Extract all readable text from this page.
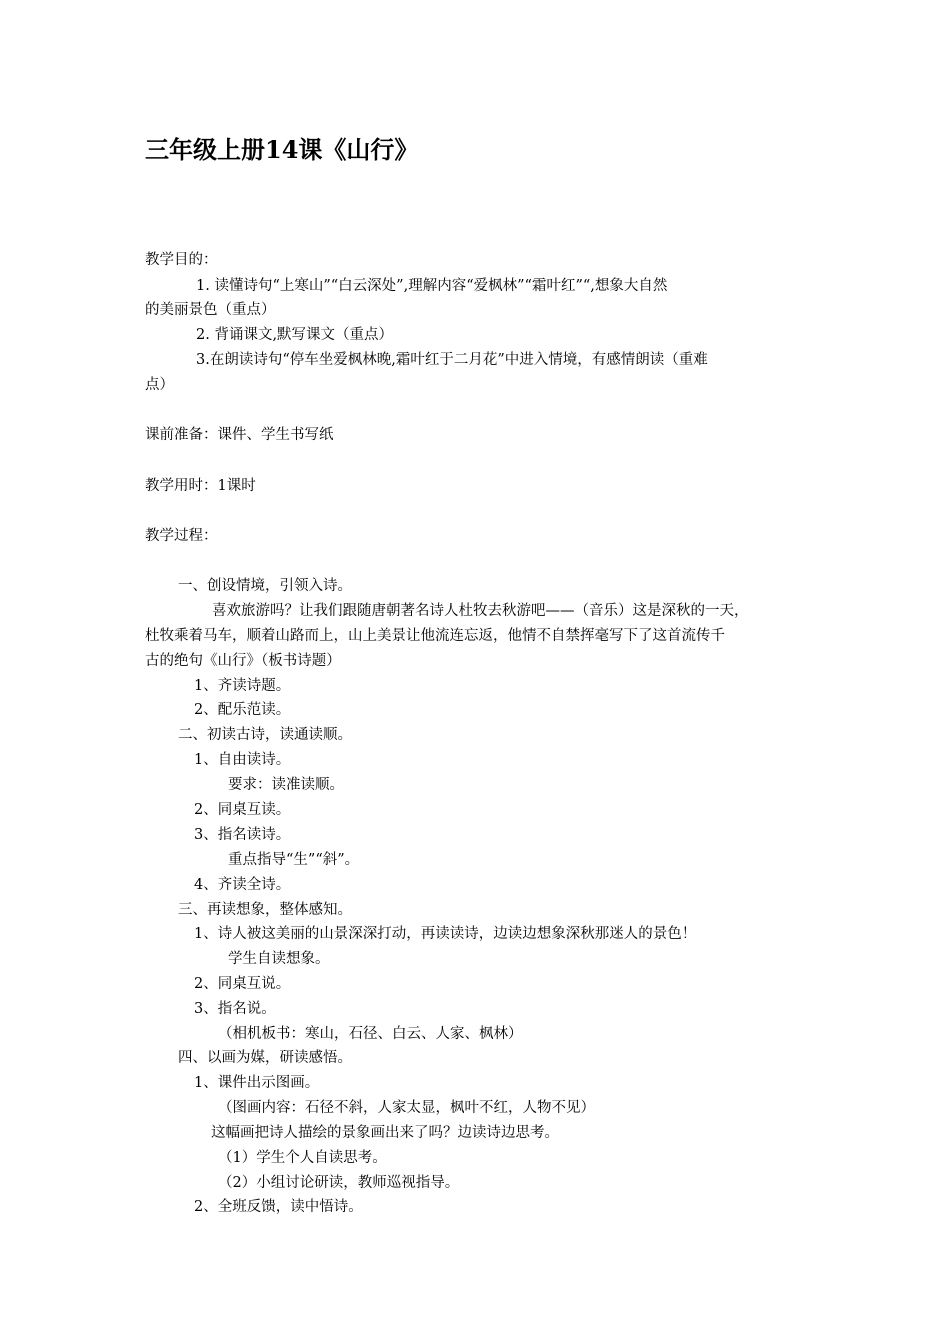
三年级上册14课《山行》
教学目的：
1. 读懂诗句“上寒山”“白云深处”,理解内容“爱枫林”“霜叶红”“,想象大自然
的美丽景色（重点）
2. 背诵课文,默写课文（重点）
3.在朗读诗句“停车坐爱枫林晚,霜叶红于二月花”中进入情境，有感情朗读（重难
点）
课前准备：课件、学生书写纸
教学用时：1课时
教学过程：
一、创设情境，引领入诗。
喜欢旅游吗？让我们跟随唐朝著名诗人杜牧去秋游吧——（音乐）这是深秋的一天，
杜牧乘着马车，顺着山路而上，山上美景让他流连忘返，他情不自禁挥毫写下了这首流传千
古的绝句《山行》（板书诗题）
1、齐读诗题。
2、配乐范读。
二、初读古诗，读通读顺。
1、自由读诗。
要求：读准读顺。
2、同桌互读。
3、指名读诗。
重点指导“生”“斜”。
4、齐读全诗。
三、再读想象，整体感知。
1、诗人被这美丽的山景深深打动，再读读诗，边读边想象深秋那迷人的景色！
学生自读想象。
2、同桌互说。
3、指名说。
（相机板书：寒山，石径、白云、人家、枫林）
四、以画为媒，研读感悟。
1、课件出示图画。
（图画内容：石径不斜，人家太显，枫叶不红，人物不见）
这幅画把诗人描绘的景象画出来了吗？边读诗边思考。
（1）学生个人自读思考。
（2）小组讨论研读，教师巡视指导。
2、全班反馈，读中悟诗。
